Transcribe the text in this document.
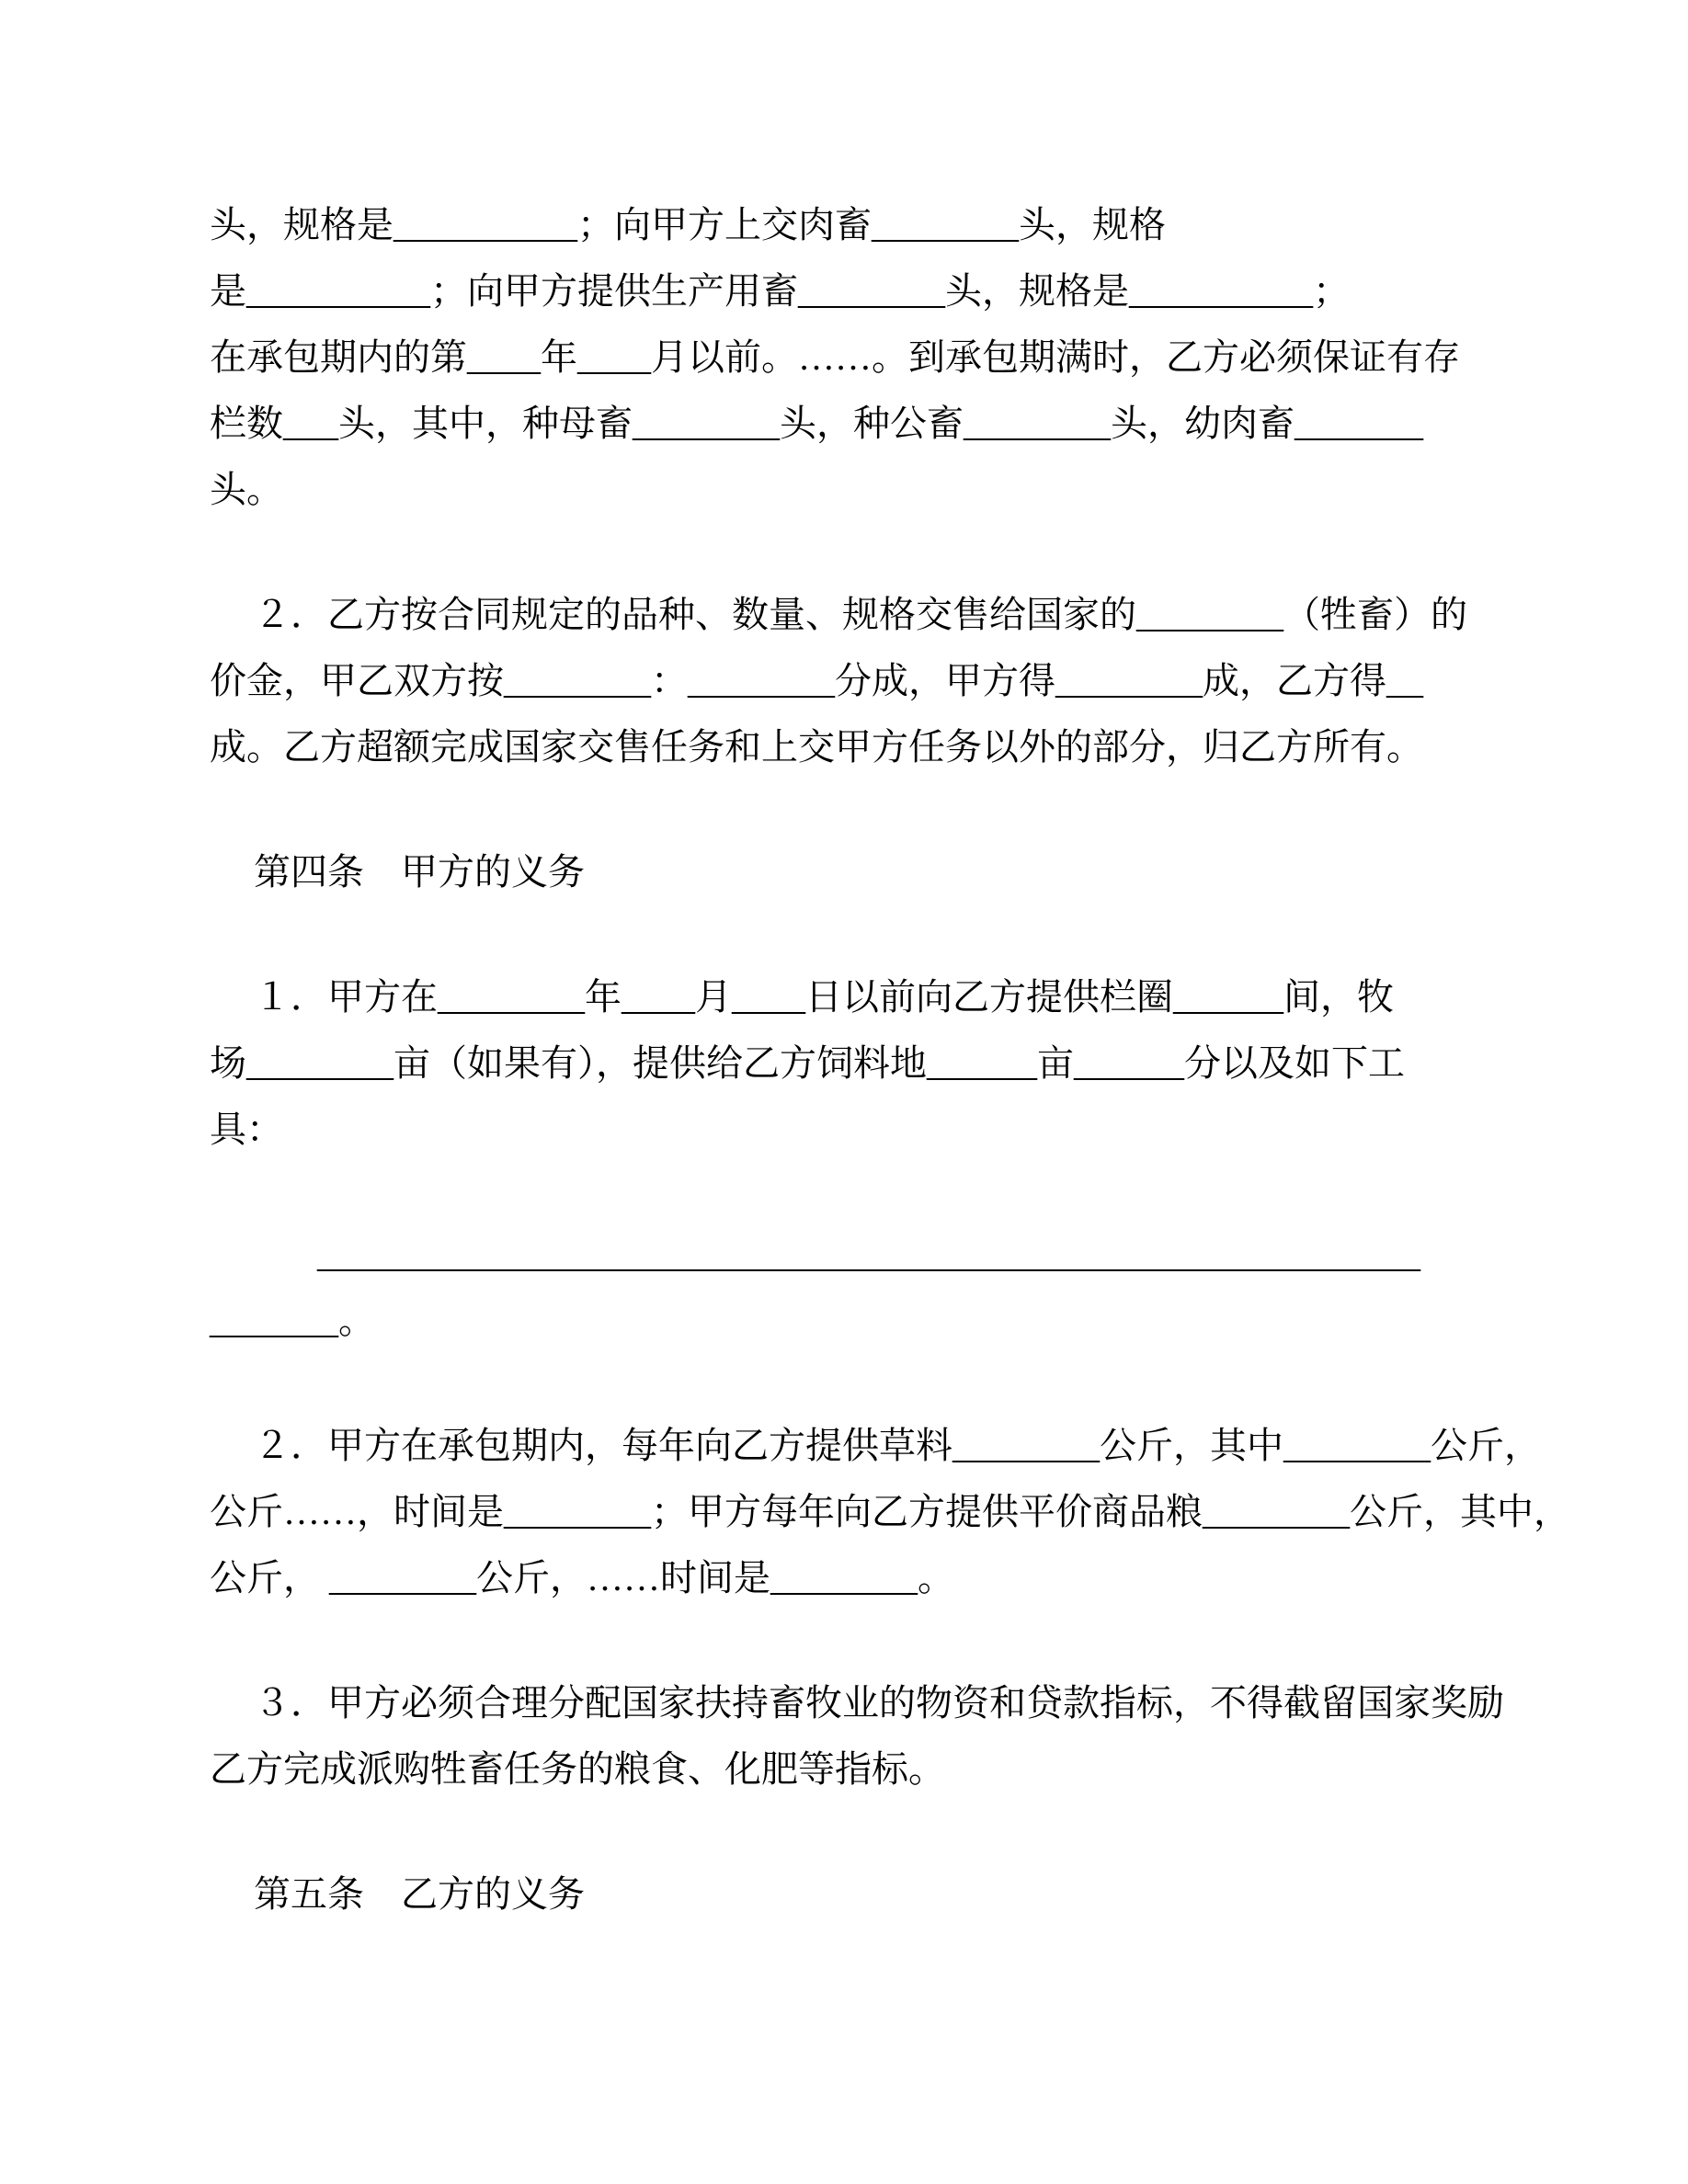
头，规格是__________；向甲方上交肉畜________头，规格

是__________；向甲方提供生产用畜________头，规格是__________；

在承包期内的第____年____月以前。……。到承包期满时，乙方必须保证有存

栏数___头，其中，种母畜________头，种公畜________头，幼肉畜_______

头。

２．乙方按合同规定的品种、数量、规格交售给国家的________（牲畜）的

价金，甲乙双方按________：________分成，甲方得________成，乙方得__

成。乙方超额完成国家交售任务和上交甲方任务以外的部分，归乙方所有。

第四条　甲方的义务

１．甲方在________年____月____日以前向乙方提供栏圈______间，牧

场________亩（如果有），提供给乙方饲料地______亩______分以及如下工

具：

____________________________________________________________

_______。

２．甲方在承包期内，每年向乙方提供草料________公斤，其中________公斤，

公斤……，时间是________；甲方每年向乙方提供平价商品粮________公斤，其中，

公斤， ________公斤，……时间是________。

３．甲方必须合理分配国家扶持畜牧业的物资和贷款指标，不得截留国家奖励

乙方完成派购牲畜任务的粮食、化肥等指标。

第五条　乙方的义务
